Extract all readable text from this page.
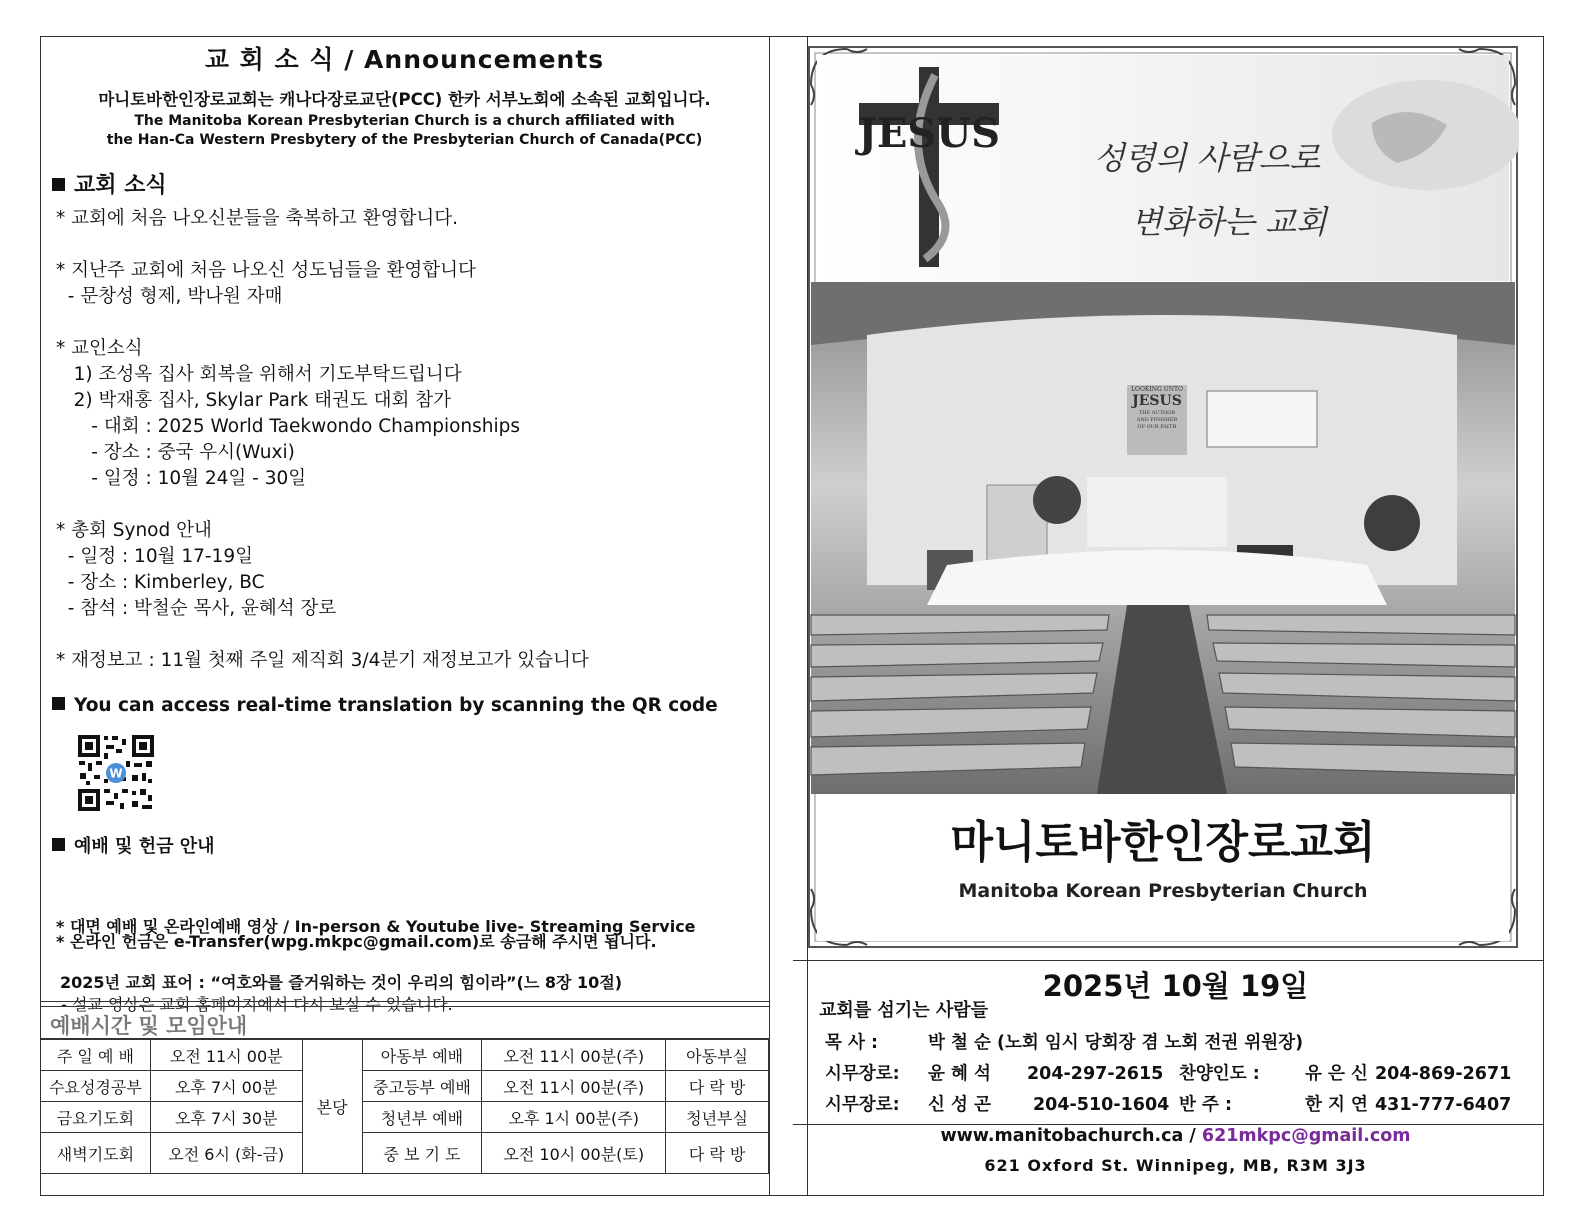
교 회 소 식 / Announcements
마니토바한인장로교회는 캐나다장로교단(PCC) 한카 서부노회에 소속된 교회입니다.
The Manitoba Korean Presbyterian Church is a church affiliated with
the Han-Ca Western Presbytery of the Presbyterian Church of Canada(PCC)
교회 소식
* 교회에 처음 나오신분들을 축복하고 환영합니다.
* 지난주 교회에 처음 나오신 성도님들을 환영합니다
- 문창성 형제, 박나원 자매
* 교인소식
1) 조성옥 집사 회복을 위해서 기도부탁드립니다
2) 박재홍 집사, Skylar Park 태권도 대회 참가
- 대회 : 2025 World Taekwondo Championships
- 장소 : 중국 우시(Wuxi)
- 일정 : 10월 24일 - 30일
* 총회 Synod 안내
- 일정 : 10월 17-19일
- 장소 : Kimberley, BC
- 참석 : 박철순 목사, 윤혜석 장로
* 재정보고 : 11월 첫째 주일 제직회 3/4분기 재정보고가 있습니다
You can access real-time translation by scanning the QR code
W
예배 및 헌금 안내

* 대면 예배 및 온라인예배 영상 / In-person & Youtube live- Streaming Service

- 설교 영상은 교회 홈페이지에서 다시 보실 수 있습니다.

* 온라인 헌금은 e-Transfer(wpg.mkpc@gmail.com)로 송금해 주시면 됩니다.
2025년 교회 표어 : “여호와를 즐거워하는 것이 우리의 힘이라”(느 8장 10절)
예배시간 및 모임안내
주 일 예 배	오전 11시 00분	본당	아동부 예배	오전 11시 00분(주)	아동부실
수요성경공부	오후 7시 00분		중고등부 예배	오전 11시 00분(주)	다 락 방
금요기도회	오후 7시 30분		청년부 예배	오후 1시 00분(주)	청년부실
새벽기도회	오전 6시 (화-금)		중 보 기 도	오전 10시 00분(토)	다 락 방
JESUS
성령의 사람으로
변화하는 교회
LOOKING UNTO
JESUS
THE AUTHOR
AND FINISHER
OF OUR FAITH
마니토바한인장로교회
Manitoba Korean Presbyterian Church
2025년 10월 19일
교회를 섬기는 사람들
목 사 :	박 철 순 (노회 임시 당회장 겸 노회 전권 위원장)
시무장로: 윤 혜 석 204-297-2615 찬양인도 :	유 은 신 204-869-2671
시무장로: 신 성 곤 204-510-1604 반 주 :	한 지 연 431-777-6407
www.manitobachurch.ca / 621mkpc@gmail.com
621 Oxford St. Winnipeg, MB, R3M 3J3
